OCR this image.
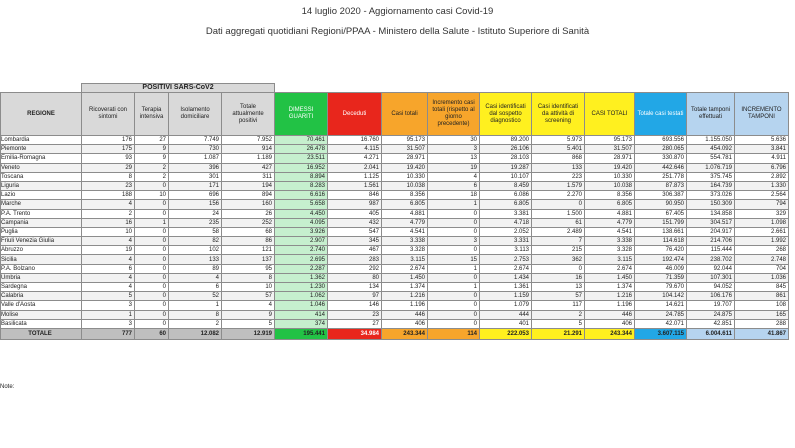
14 luglio 2020 - Aggiornamento casi Covid-19
Dati aggregati quotidiani Regioni/PPAA - Ministero della Salute - Istituto Superiore di Sanità
	POSITIVI SARS-CoV2													
REGIONE	Ricoverati con sintomi	Terapia intensiva	Isolamento domiciliare	Totale attualmente positivi	DIMESSI GUARITI	Deceduti	Casi totali	Incremento casi totali (rispetto al giorno precedente)	Casi identificati dal sospetto diagnostico	Casi identificati da attività di screening	CASI TOTALI	Totale casi testati	Totale tamponi effettuati	INCREMENTO TAMPONI
Lombardia	176	27	7.749	7.952	70.461	16.760	95.173	30	89.200	5.973	95.173	693.556	1.155.050	5.636
Piemonte	175	9	730	914	26.478	4.115	31.507	3	26.106	5.401	31.507	280.065	454.092	3.841
Emilia-Romagna	93	9	1.087	1.189	23.511	4.271	28.971	13	28.103	868	28.971	330.870	554.781	4.911
Veneto	29	2	396	427	16.952	2.041	19.420	19	19.287	133	19.420	442.646	1.076.719	6.796
Toscana	8	2	301	311	8.894	1.125	10.330	4	10.107	223	10.330	251.778	375.745	2.892
Liguria	23	0	171	194	8.283	1.561	10.038	6	8.459	1.579	10.038	87.873	164.739	1.330
Lazio	188	10	696	894	6.616	846	8.356	18	6.086	2.270	8.356	306.387	373.026	2.564
Marche	4	0	156	160	5.658	987	6.805	1	6.805	0	6.805	90.950	150.309	794
P.A. Trento	2	0	24	26	4.450	405	4.881	0	3.381	1.500	4.881	67.405	134.858	329
Campania	16	1	235	252	4.095	432	4.779	0	4.718	61	4.779	151.799	304.517	1.098
Puglia	10	0	58	68	3.926	547	4.541	0	2.052	2.489	4.541	138.661	204.917	2.661
Friuli Venezia Giulia	4	0	82	86	2.907	345	3.338	3	3.331	7	3.338	114.618	214.706	1.992
Abruzzo	19	0	102	121	2.740	467	3.328	0	3.113	215	3.328	76.420	115.444	268
Sicilia	4	0	133	137	2.695	283	3.115	15	2.753	362	3.115	192.474	238.702	2.748
P.A. Bolzano	6	0	89	95	2.287	292	2.674	1	2.674	0	2.674	46.009	92.044	704
Umbria	4	0	4	8	1.362	80	1.450	0	1.434	16	1.450	71.359	107.301	1.036
Sardegna	4	0	6	10	1.230	134	1.374	1	1.361	13	1.374	79.670	94.052	845
Calabria	5	0	52	57	1.062	97	1.216	0	1.159	57	1.216	104.142	106.176	861
Valle d'Aosta	3	0	1	4	1.046	146	1.196	0	1.079	117	1.196	14.621	19.707	108
Molise	1	0	8	9	414	23	446	0	444	2	446	24.785	24.875	165
Basilicata	3	0	2	5	374	27	406	0	401	5	406	42.071	42.851	288
TOTALE	777	60	12.082	12.919	195.441	34.984	243.344	114	222.053	21.291	243.344	3.607.115	6.004.611	41.867
Note:
